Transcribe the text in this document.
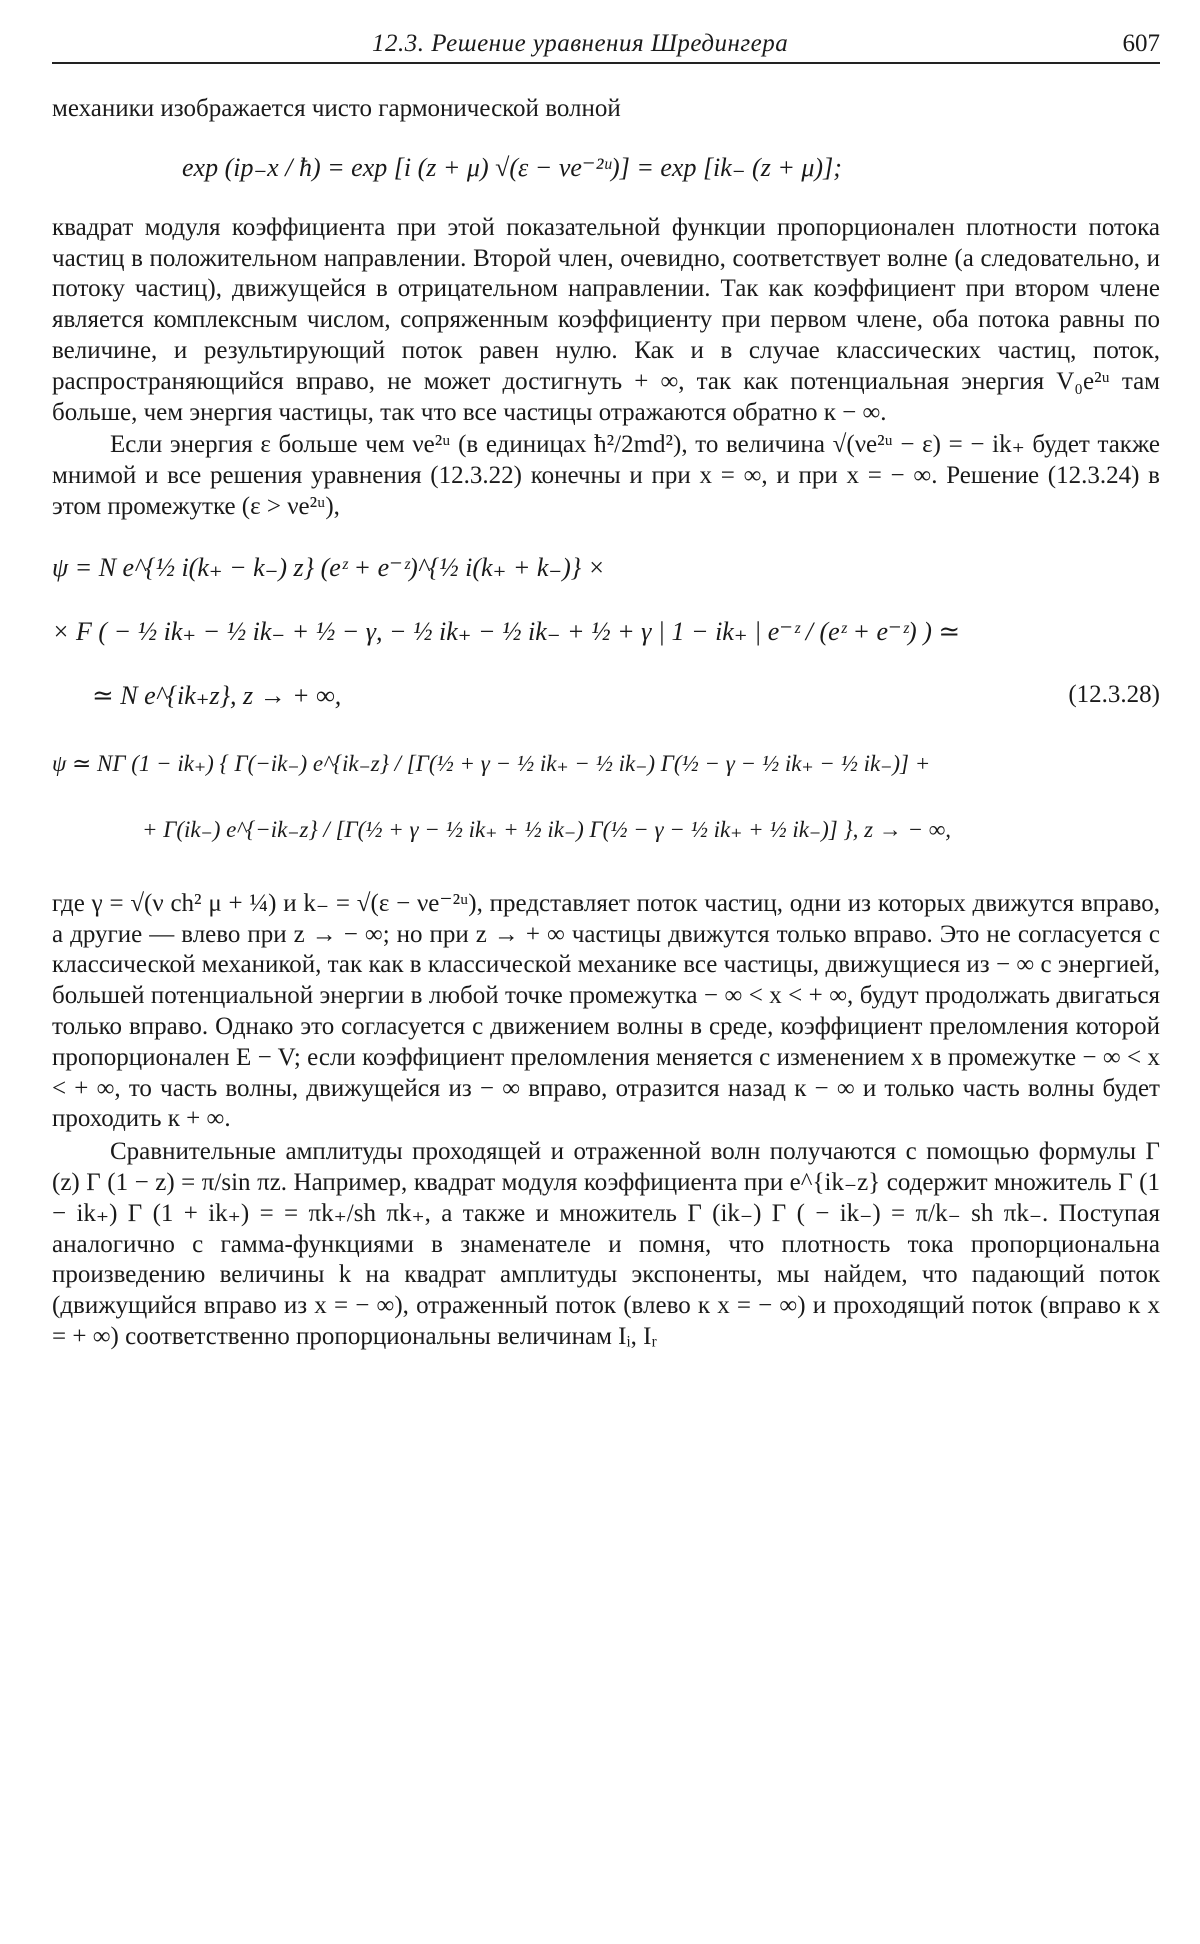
12.3. Решение уравнения Шредингера	607

механики изображается чисто гармонической волной

exp (ip₋x / ħ) = exp [i (z + μ) √(ε − νe⁻²ᵘ)] = exp [ik₋ (z + μ)];

квадрат модуля коэффициента при этой показательной функции пропорционален плотности потока частиц в положительном направлении. Второй член, очевидно, соответствует волне (а следовательно, и потоку частиц), движущейся в отрицательном направлении. Так как коэффициент при втором члене является комплексным числом, сопряженным коэффициенту при первом члене, оба потока равны по величине, и результирующий поток равен нулю. Как и в случае классических частиц, поток, распространяющийся вправо, не может достигнуть + ∞, так как потенциальная энергия V₀e²ᵘ там больше, чем энергия частицы, так что все частицы отражаются обратно к − ∞.

Если энергия ε больше чем νe²ᵘ (в единицах ħ²/2md²), то величина √(νe²ᵘ − ε) = − ik₊ будет также мнимой и все решения уравнения (12.3.22) конечны и при x = ∞, и при x = − ∞. Решение (12.3.24) в этом промежутке (ε > νe²ᵘ),

ψ = N e^{½ i(k₊ − k₋) z} (eᶻ + e⁻ᶻ)^{½ i(k₊ + k₋)} ×
× F ( − ½ ik₊ − ½ ik₋ + ½ − γ, − ½ ik₊ − ½ ik₋ + ½ + γ | 1 − ik₊ | e⁻ᶻ / (eᶻ + e⁻ᶻ) ) ≃
≃ N e^{ik₊z}, z → + ∞,	(12.3.28)
ψ ≃ NΓ (1 − ik₊) { Γ(−ik₋) e^{ik₋z} / [Γ(½ + γ − ½ ik₊ − ½ ik₋) Γ(½ − γ − ½ ik₊ − ½ ik₋)] +
+ Γ(ik₋) e^{−ik₋z} / [Γ(½ + γ − ½ ik₊ + ½ ik₋) Γ(½ − γ − ½ ik₊ + ½ ik₋)] }, z → − ∞,

где γ = √(ν ch² μ + ¼) и k₋ = √(ε − νe⁻²ᵘ), представляет поток частиц, одни из которых движутся вправо, а другие — влево при z → − ∞; но при z → + ∞ частицы движутся только вправо. Это не согласуется с классической механикой, так как в классической механике все частицы, движущиеся из − ∞ с энергией, большей потенциальной энергии в любой точке промежутка − ∞ < x < + ∞, будут продолжать двигаться только вправо. Однако это согласуется с движением волны в среде, коэффициент преломления которой пропорционален E − V; если коэффициент преломления меняется с изменением x в промежутке − ∞ < x < + ∞, то часть волны, движущейся из − ∞ вправо, отразится назад к − ∞ и только часть волны будет проходить к + ∞.

Сравнительные амплитуды проходящей и отраженной волн получаются с помощью формулы Γ (z) Γ (1 − z) = π/sin πz. Например, квадрат модуля коэффициента при e^{ik₋z} содержит множитель Γ (1 − ik₊) Γ (1 + ik₊) = = πk₊/sh πk₊, а также и множитель Γ (ik₋) Γ ( − ik₋) = π/k₋ sh πk₋. Поступая аналогично с гамма-функциями в знаменателе и помня, что плотность тока пропорциональна произведению величины k на квадрат амплитуды экспоненты, мы найдем, что падающий поток (движущийся вправо из x = − ∞), отраженный поток (влево к x = − ∞) и проходящий поток (вправо к x = + ∞) соответственно пропорциональны величинам Iᵢ, Iᵣ
